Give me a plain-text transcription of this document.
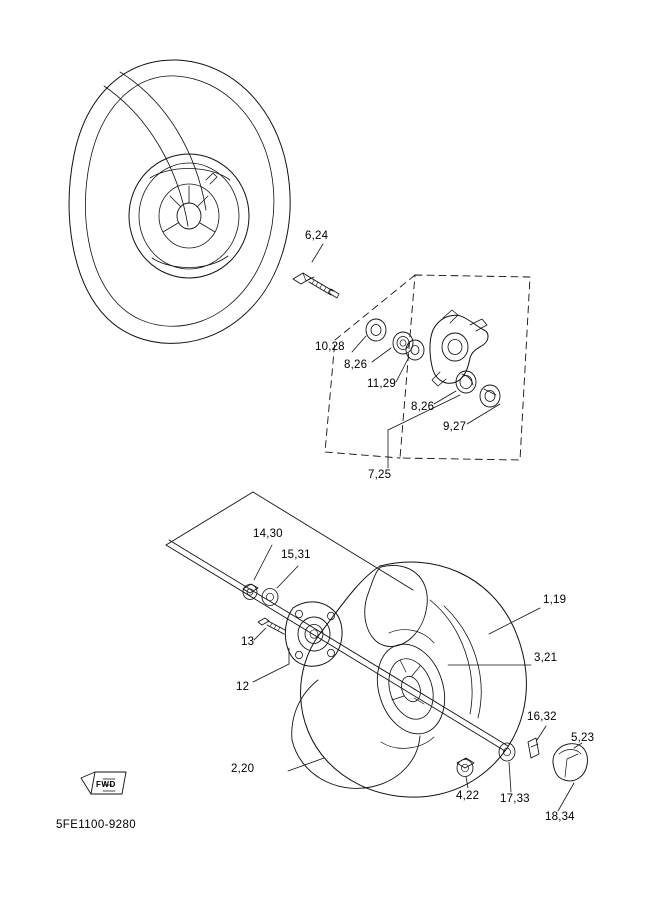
6,24
10,28
8,26
11,29
8,26
9,27
7,25
14,30
15,31
13
12
2,20
1,19
3,21
16,32
5,23
4,22 17,33
18,34
FWD
5FE1100-9280
